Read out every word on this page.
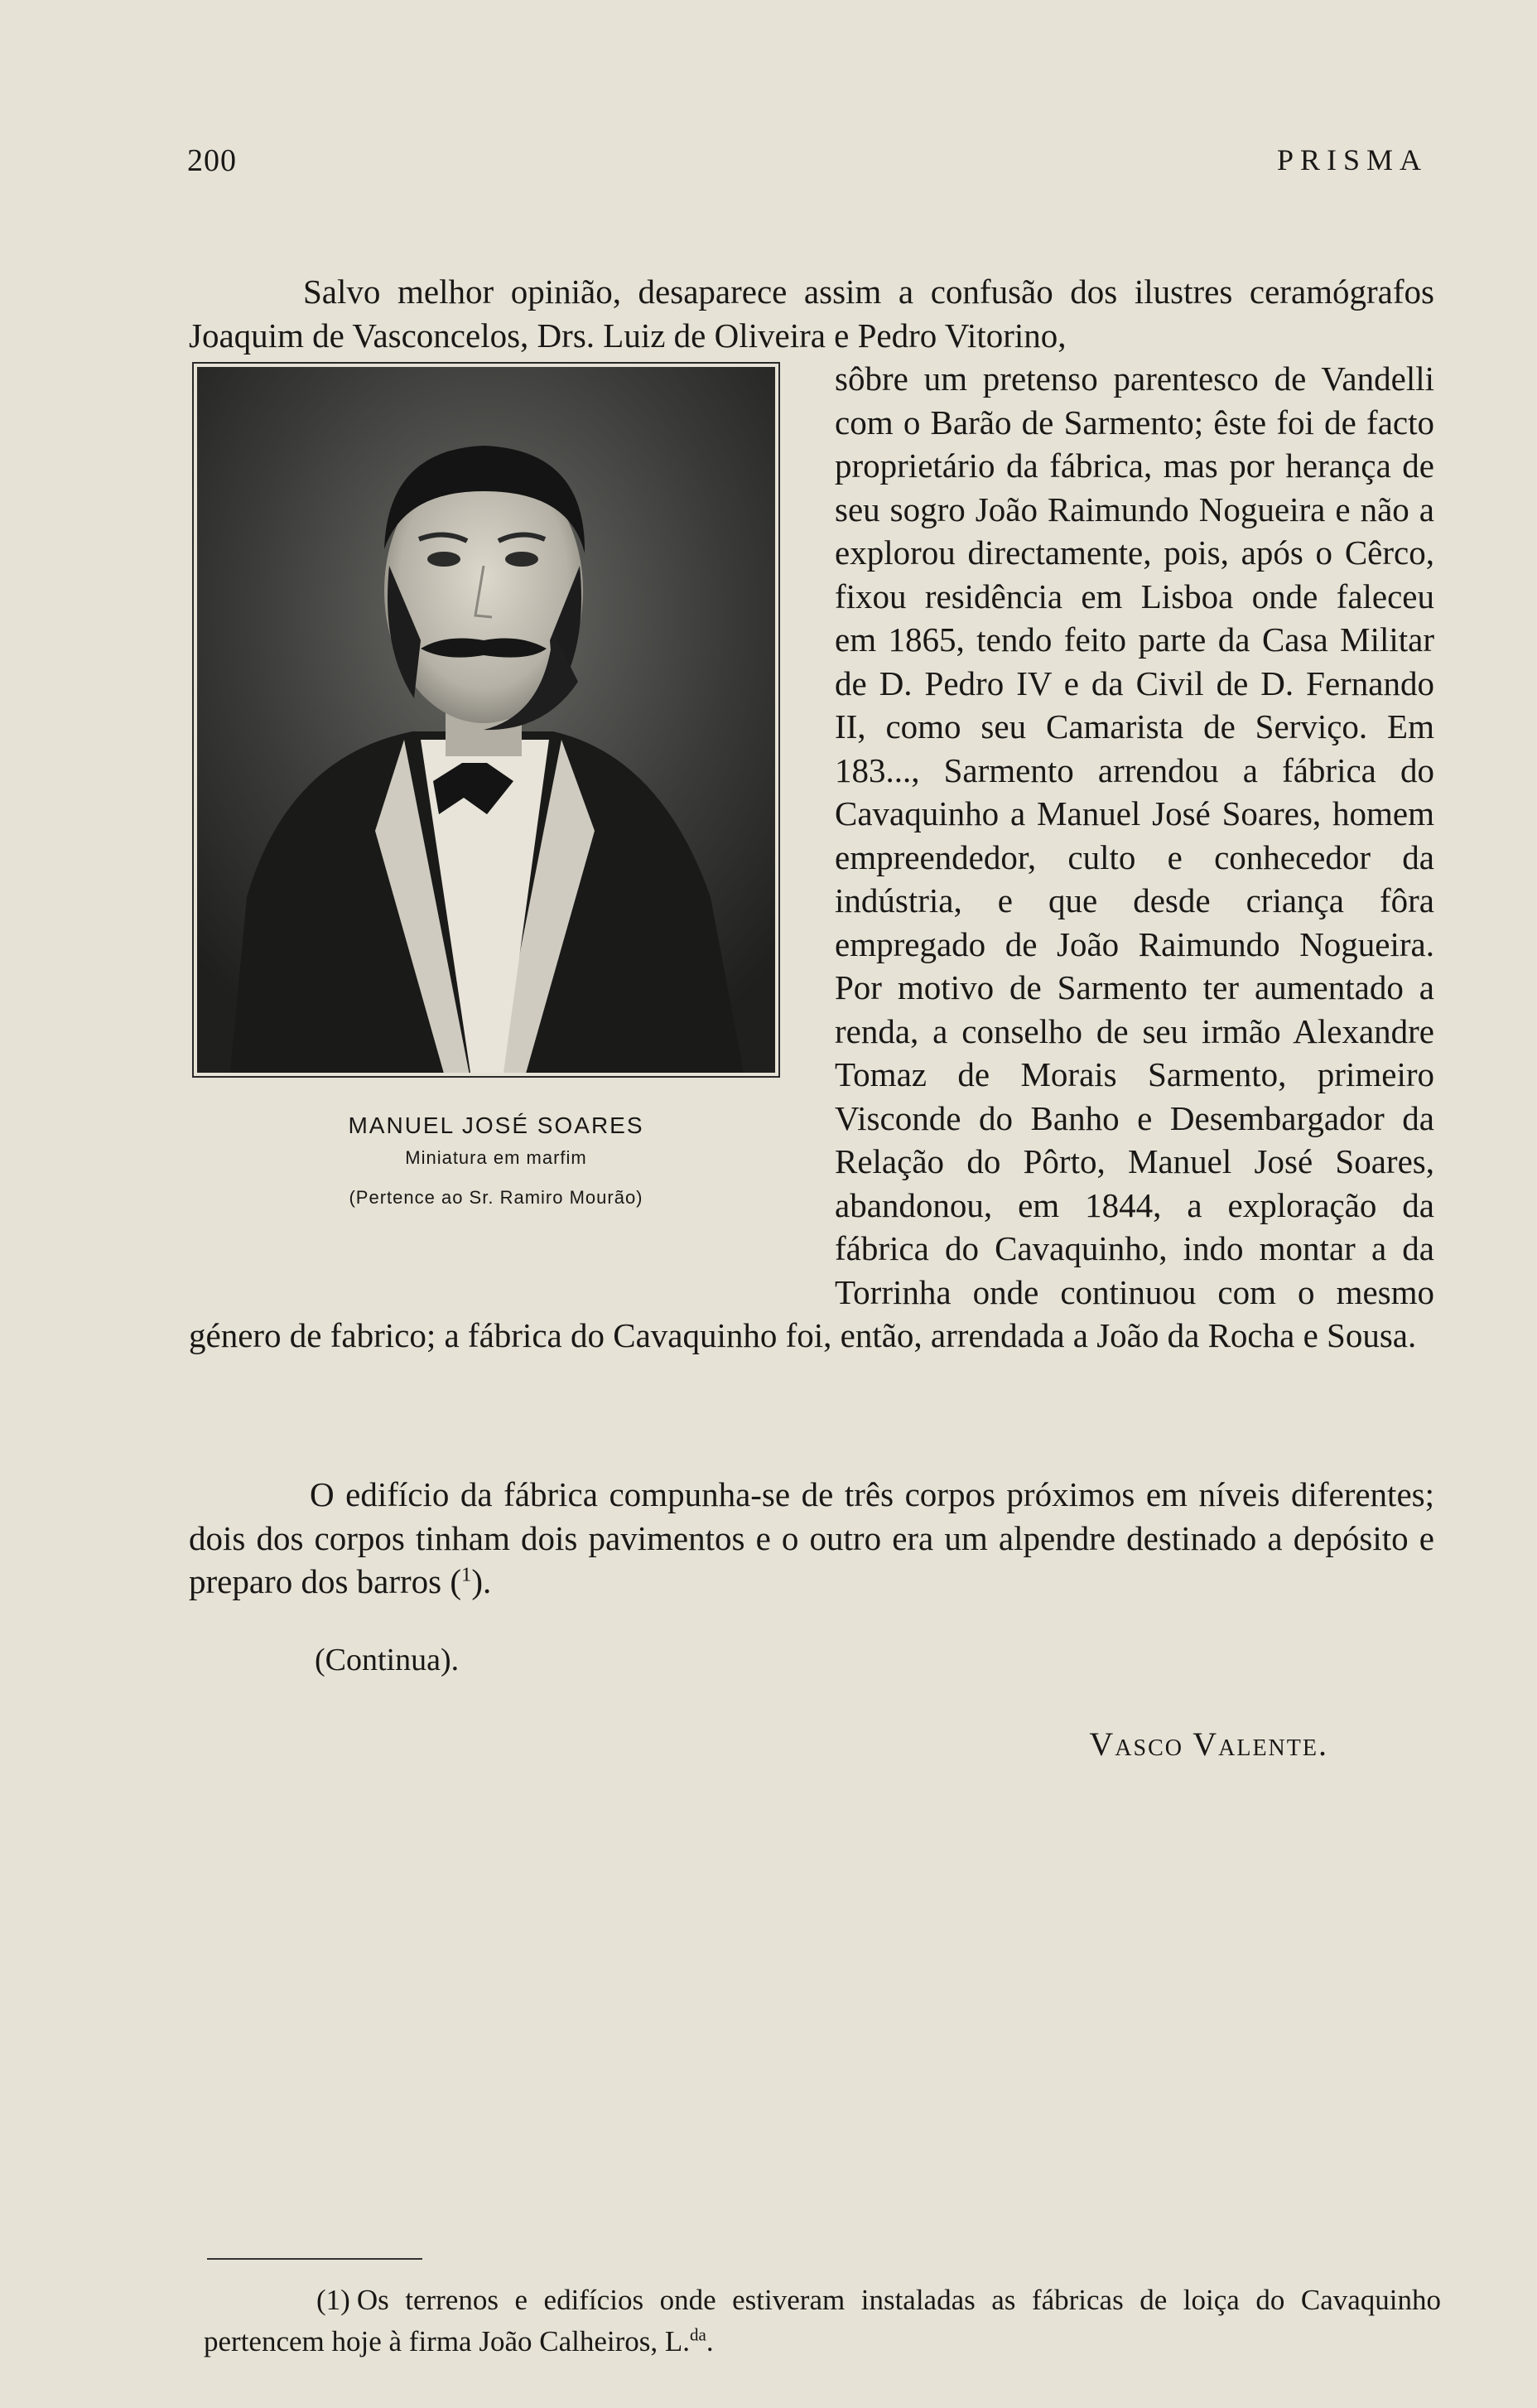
200	PRISMA
Salvo melhor opinião, desaparece assim a confusão dos ilustres ceramógrafos Joaquim de Vasconcelos, Drs. Luiz de Oliveira e Pedro Vitorino,
MANUEL JOSÉ SOARES
Miniatura em marfim
(Pertence ao Sr. Ramiro Mourão)
sôbre um pretenso parentesco de Vandelli com o Barão de Sarmento; êste foi de facto proprietário da fábrica, mas por herança de seu sogro João Raimundo Nogueira e não a explorou directamente, pois, após o Cêrco, fixou residência em Lisboa onde faleceu em 1865, tendo feito parte da Casa Militar de D. Pedro IV e da Civil de D. Fernando II, como seu Camarista de Serviço. Em 183..., Sarmento arrendou a fábrica do Cavaquinho a Manuel José Soares, homem empreendedor, culto e conhecedor da indústria, e que desde criança fôra empregado de João Raimundo Nogueira. Por motivo de Sarmento ter aumentado a renda, a conselho de seu irmão Alexandre Tomaz de Morais Sarmento, primeiro Visconde do Banho e Desembargador da Relação do Pôrto, Manuel José Soares, abandonou, em 1844, a exploração da fábrica do Cavaquinho, indo montar a da Torrinha onde continuou com o mesmo género de fabrico; a fábrica do Cavaquinho foi, então, arrendada a João da Rocha e Sousa.
O edifício da fábrica compunha-se de três corpos próximos em níveis diferentes; dois dos corpos tinham dois pavimentos e o outro era um alpendre destinado a depósito e preparo dos barros ($^1$).
(Continua).
Vasco Valente.
(1) Os terrenos e edifícios onde estiveram instaladas as fábricas de loiça do Cavaquinho pertencem hoje à firma João Calheiros, L.$^{da}$.
